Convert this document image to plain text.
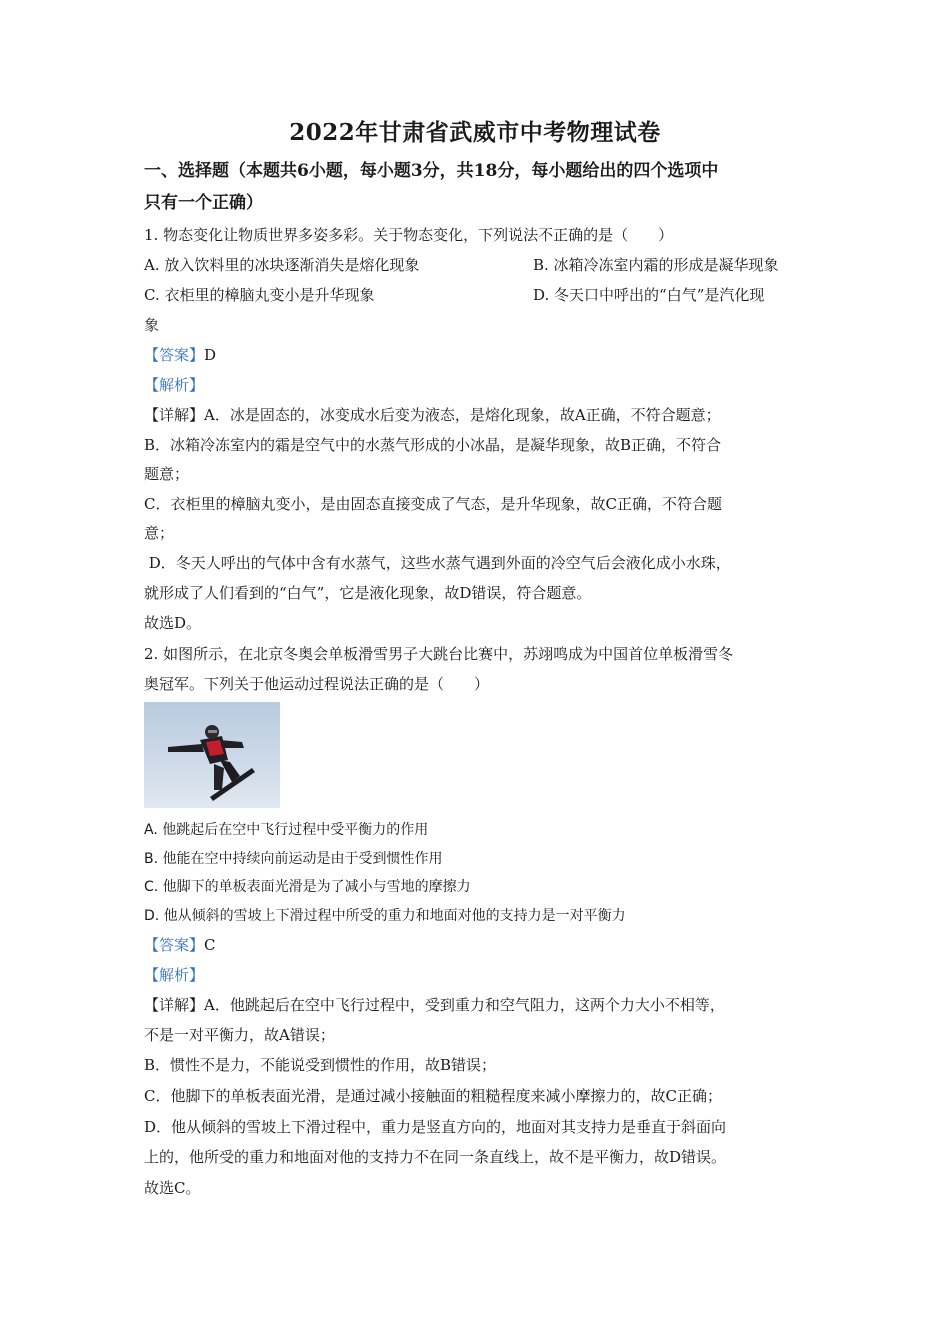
2022年甘肃省武威市中考物理试卷
一、选择题（本题共6小题，每小题3分，共18分，每小题给出的四个选项中
只有一个正确）
1. 物态变化让物质世界多姿多彩。关于物态变化，下列说法不正确的是（　　）
A. 放入饮料里的冰块逐渐消失是熔化现象	B. 冰箱冷冻室内霜的形成是凝华现象
C. 衣柜里的樟脑丸变小是升华现象	D. 冬天口中呼出的“白气”是汽化现
象
【答案】D
【解析】
【详解】A．冰是固态的，冰变成水后变为液态，是熔化现象，故A正确，不符合题意；
B．冰箱冷冻室内的霜是空气中的水蒸气形成的小冰晶，是凝华现象，故B正确，不符合
题意；
C．衣柜里的樟脑丸变小，是由固态直接变成了气态，是升华现象，故C正确，不符合题
意；
D．冬天人呼出的气体中含有水蒸气，这些水蒸气遇到外面的冷空气后会液化成小水珠，
就形成了人们看到的“白气”，它是液化现象，故D错误，符合题意。
故选D。
2. 如图所示，在北京冬奥会单板滑雪男子大跳台比赛中，苏翊鸣成为中国首位单板滑雪冬
奥冠军。下列关于他运动过程说法正确的是（　　）
A. 他跳起后在空中飞行过程中受平衡力的作用
B. 他能在空中持续向前运动是由于受到惯性作用
C. 他脚下的单板表面光滑是为了减小与雪地的摩擦力
D. 他从倾斜的雪坡上下滑过程中所受的重力和地面对他的支持力是一对平衡力
【答案】C
【解析】
【详解】A．他跳起后在空中飞行过程中，受到重力和空气阻力，这两个力大小不相等，
不是一对平衡力，故A错误；
B．惯性不是力，不能说受到惯性的作用，故B错误；
C．他脚下的单板表面光滑，是通过减小接触面的粗糙程度来减小摩擦力的，故C正确；
D．他从倾斜的雪坡上下滑过程中，重力是竖直方向的，地面对其支持力是垂直于斜面向
上的，他所受的重力和地面对他的支持力不在同一条直线上，故不是平衡力，故D错误。
故选C。
